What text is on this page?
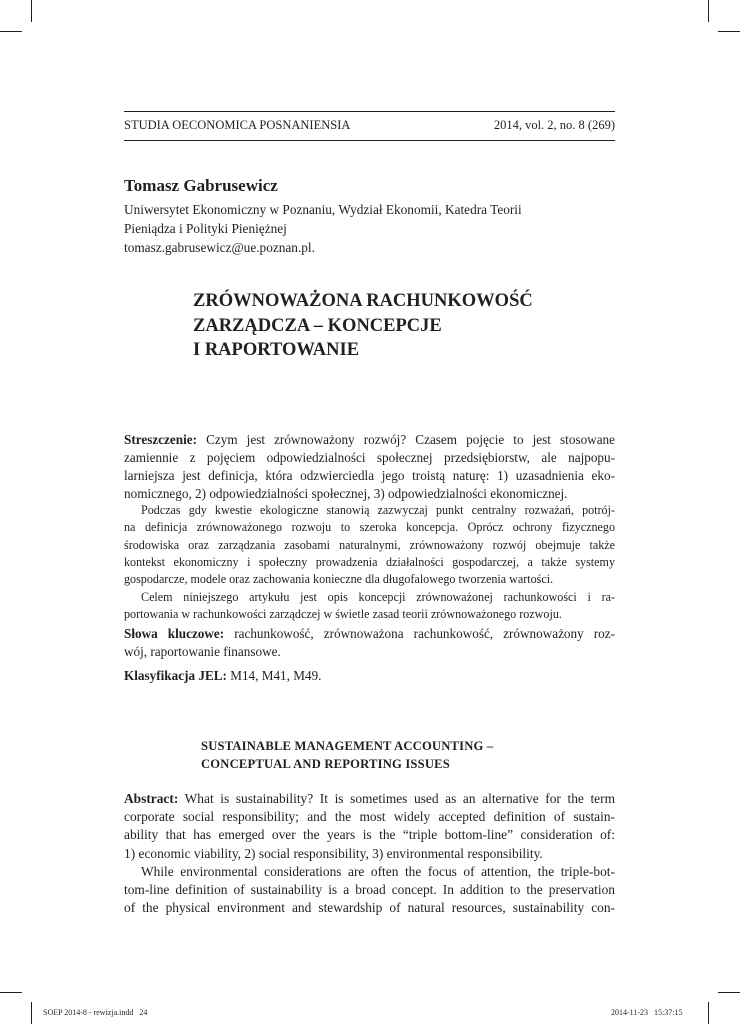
STUDIA OECONOMICA POSNANIENSIA	2014, vol. 2, no. 8 (269)
Tomasz Gabrusewicz
Uniwersytet Ekonomiczny w Poznaniu, Wydział Ekonomii, Katedra Teorii
Pieniądza i Polityki Pieniężnej
tomasz.gabrusewicz@ue.poznan.pl.
ZRÓWNOWAŻONA RACHUNKOWOŚĆ
ZARZĄDCZA – KONCEPCJE
I RAPORTOWANIE
Streszczenie: Czym jest zrównoważony rozwój? Czasem pojęcie to jest stosowane
zamiennie z pojęciem odpowiedzialności społecznej przedsiębiorstw, ale najpopu-
larniejsza jest definicja, która odzwierciedla jego troistą naturę: 1) uzasadnienia eko-
nomicznego, 2) odpowiedzialności społecznej, 3) odpowiedzialności ekonomicznej.
Podczas gdy kwestie ekologiczne stanowią zazwyczaj punkt centralny rozważań, potrój-
na definicja zrównoważonego rozwoju to szeroka koncepcja. Oprócz ochrony fizycznego
środowiska oraz zarządzania zasobami naturalnymi, zrównoważony rozwój obejmuje także
kontekst ekonomiczny i społeczny prowadzenia działalności gospodarczej, a także systemy
gospodarcze, modele oraz zachowania konieczne dla długofalowego tworzenia wartości.
Celem niniejszego artykułu jest opis koncepcji zrównoważonej rachunkowości i ra-
portowania w rachunkowości zarządczej w świetle zasad teorii zrównoważonego rozwoju.
Słowa kluczowe: rachunkowość, zrównoważona rachunkowość, zrównoważony roz-
wój, raportowanie finansowe.
Klasyfikacja JEL: M14, M41, M49.
SUSTAINABLE MANAGEMENT ACCOUNTING –
CONCEPTUAL AND REPORTING ISSUES
Abstract: What is sustainability? It is sometimes used as an alternative for the term
corporate social responsibility; and the most widely accepted definition of sustain-
ability that has emerged over the years is the “triple bottom-line” consideration of:
1) economic viability, 2) social responsibility, 3) environmental responsibility.
While environmental considerations are often the focus of attention, the triple-bot-
tom-line definition of sustainability is a broad concept. In addition to the preservation
of the physical environment and stewardship of natural resources, sustainability con-
SOEP 2014-8 - rewizja.indd   24	2014-11-23   15:37:15
